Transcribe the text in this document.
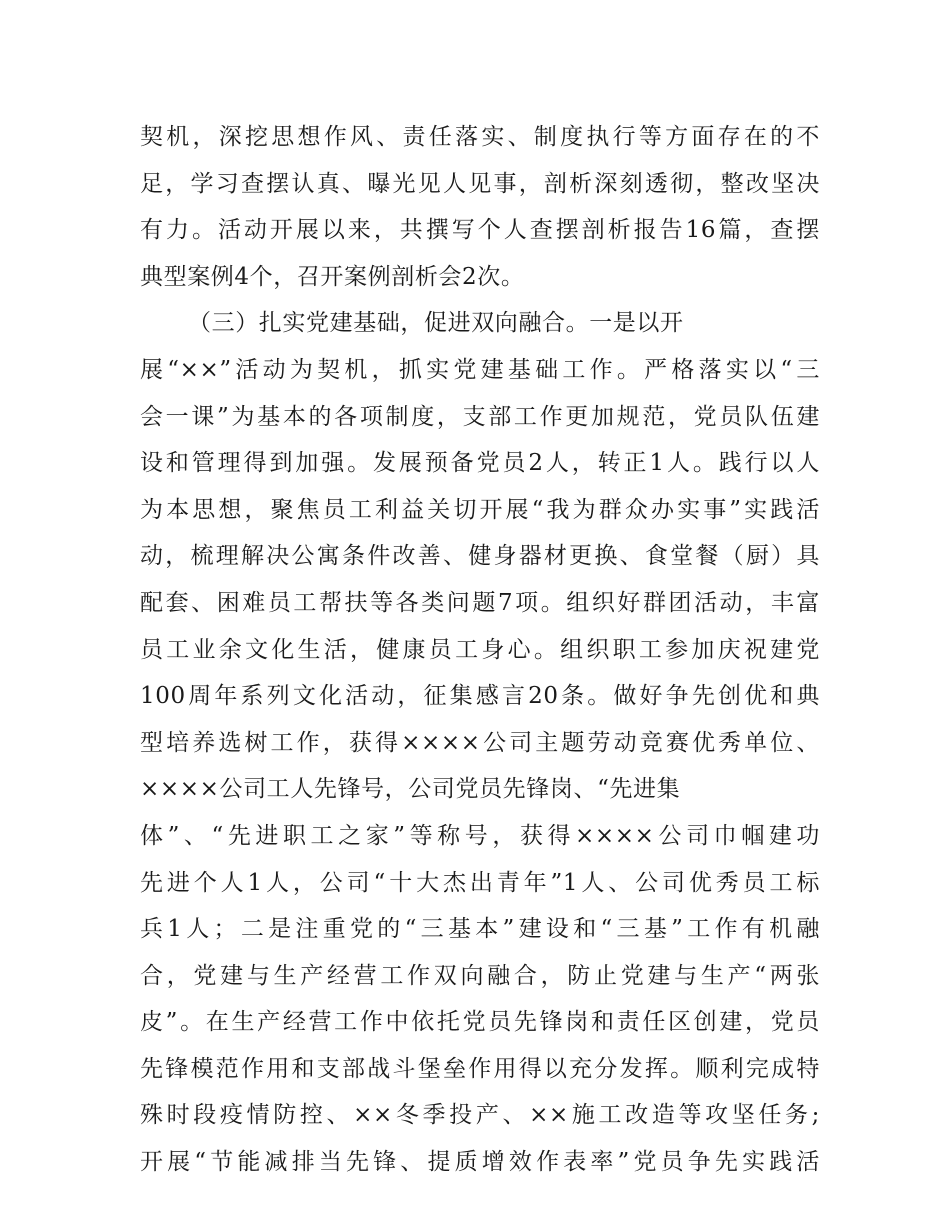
契机，深挖思想作风、责任落实、制度执行等方面存在的不
足，学习查摆认真、曝光见人见事，剖析深刻透彻，整改坚决
有力。活动开展以来，共撰写个人查摆剖析报告16篇，查摆
典型案例4个，召开案例剖析会2次。
（三）扎实党建基础，促进双向融合。一是以开
展“××”活动为契机，抓实党建基础工作。严格落实以“三
会一课”为基本的各项制度，支部工作更加规范，党员队伍建
设和管理得到加强。发展预备党员2人，转正1人。践行以人
为本思想，聚焦员工利益关切开展“我为群众办实事”实践活
动，梳理解决公寓条件改善、健身器材更换、食堂餐（厨）具
配套、困难员工帮扶等各类问题7项。组织好群团活动，丰富
员工业余文化生活，健康员工身心。组织职工参加庆祝建党
100周年系列文化活动，征集感言20条。做好争先创优和典
型培养选树工作，获得××××公司主题劳动竞赛优秀单位、
××××公司工人先锋号，公司党员先锋岗、“先进集
体”、“先进职工之家”等称号，获得××××公司巾帼建功
先进个人1人，公司“十大杰出青年”1人、公司优秀员工标
兵1人；二是注重党的“三基本”建设和“三基”工作有机融
合，党建与生产经营工作双向融合，防止党建与生产“两张
皮”。在生产经营工作中依托党员先锋岗和责任区创建，党员
先锋模范作用和支部战斗堡垒作用得以充分发挥。顺利完成特
殊时段疫情防控、××冬季投产、××施工改造等攻坚任务;
开展“节能减排当先锋、提质增效作表率”党员争先实践活
